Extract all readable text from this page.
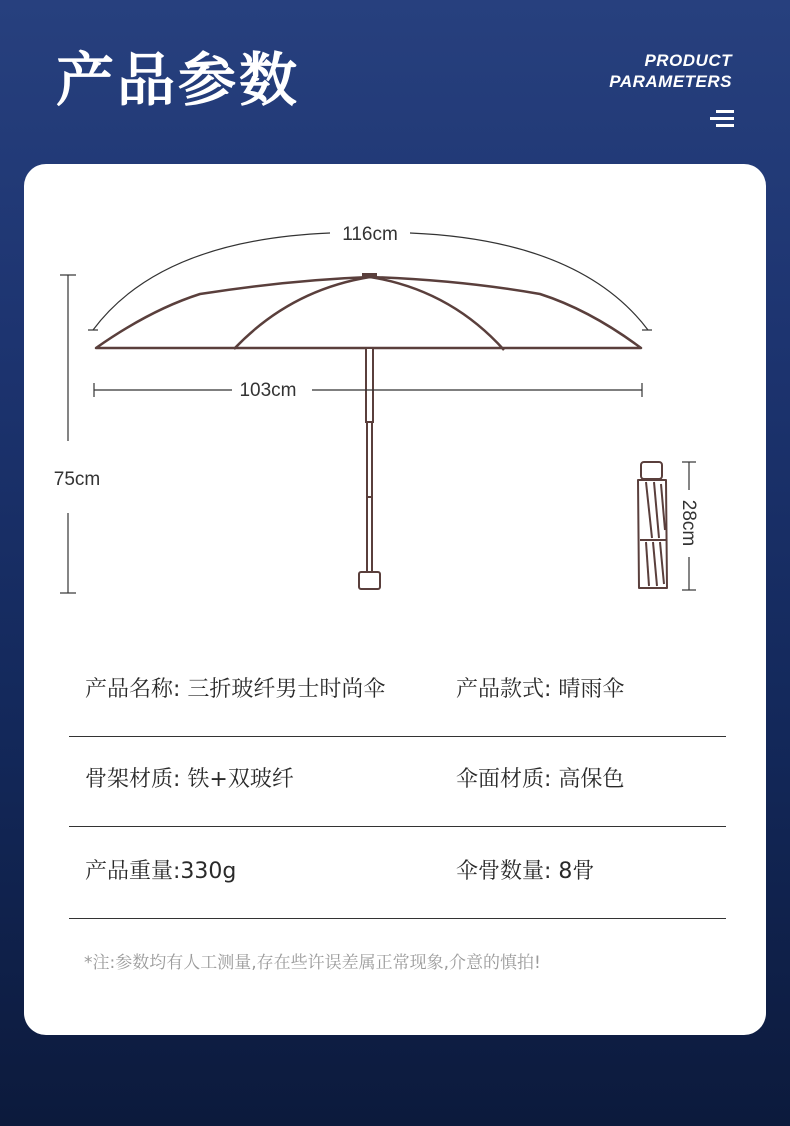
产品参数	PRODUCT
PARAMETERS
116cm
103cm
75cm
28cm
产品名称: 三折玻纤男士时尚伞	产品款式: 晴雨伞
骨架材质: 铁+双玻纤	伞面材质: 高保色
产品重量:330g	伞骨数量: 8骨
*注:参数均有人工测量,存在些许误差属正常现象,介意的慎拍!
